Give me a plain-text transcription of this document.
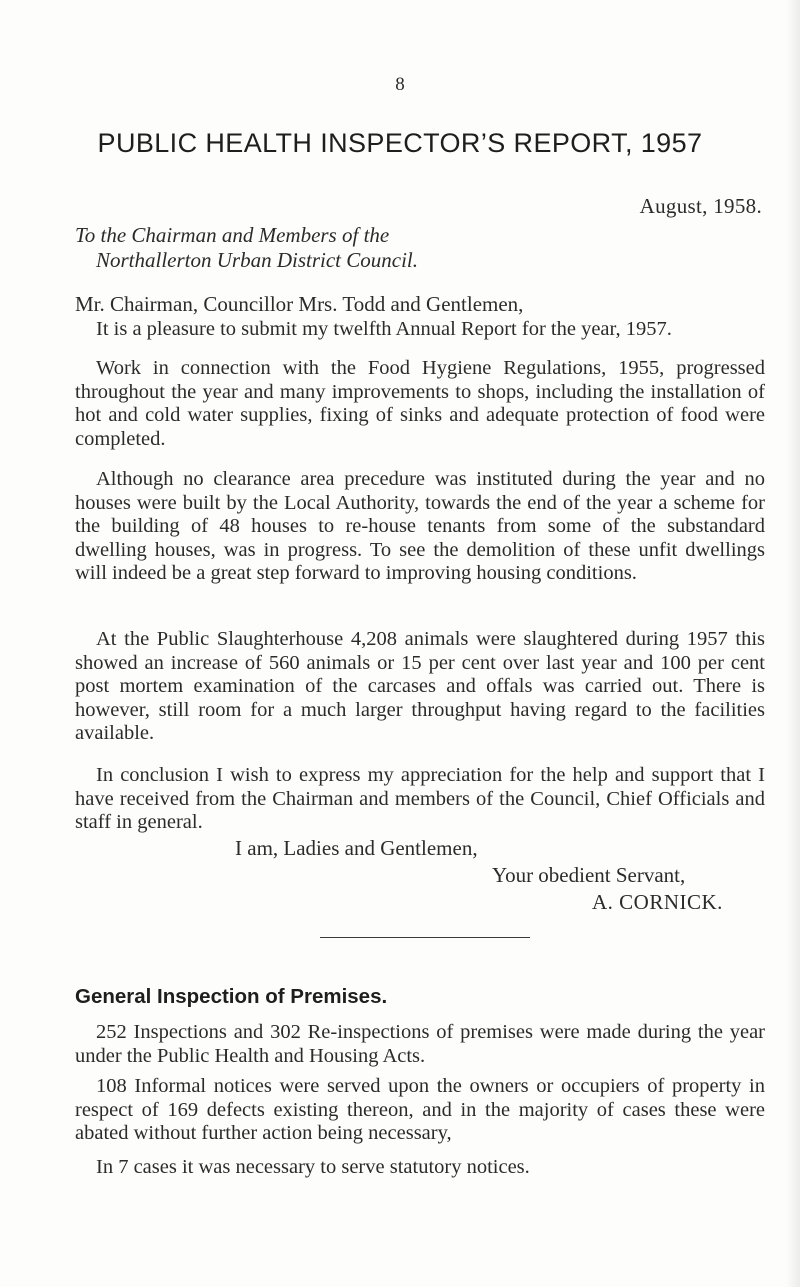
8
PUBLIC HEALTH INSPECTOR’S REPORT, 1957
August, 1958.
To the Chairman and Members of the
Northallerton Urban District Council.
Mr. Chairman, Councillor Mrs. Todd and Gentlemen,

It is a pleasure to submit my twelfth Annual Report for the year, 1957.

Work in connection with the Food Hygiene Regulations, 1955, progressed throughout the year and many improvements to shops, including the installation of hot and cold water supplies, fixing of sinks and adequate protection of food were completed.

Although no clearance area precedure was instituted during the year and no houses were built by the Local Authority, towards the end of the year a scheme for the building of 48 houses to re-house tenants from some of the substandard dwelling houses, was in progress. To see the demolition of these unfit dwellings will indeed be a great step forward to improving housing conditions.

At the Public Slaughterhouse 4,208 animals were slaughtered during 1957 this showed an increase of 560 animals or 15 per cent over last year and 100 per cent post mortem examination of the carcases and offals was carried out. There is however, still room for a much larger throughput having regard to the facilities available.

In conclusion I wish to express my appreciation for the help and support that I have received from the Chairman and members of the Council, Chief Officials and staff in general.

I am, Ladies and Gentlemen,
Your obedient Servant,
A. CORNICK.
General Inspection of Premises.

252 Inspections and 302 Re-inspections of premises were made during the year under the Public Health and Housing Acts.

108 Informal notices were served upon the owners or occupiers of property in respect of 169 defects existing thereon, and in the majority of cases these were abated without further action being necessary,

In 7 cases it was necessary to serve statutory notices.
